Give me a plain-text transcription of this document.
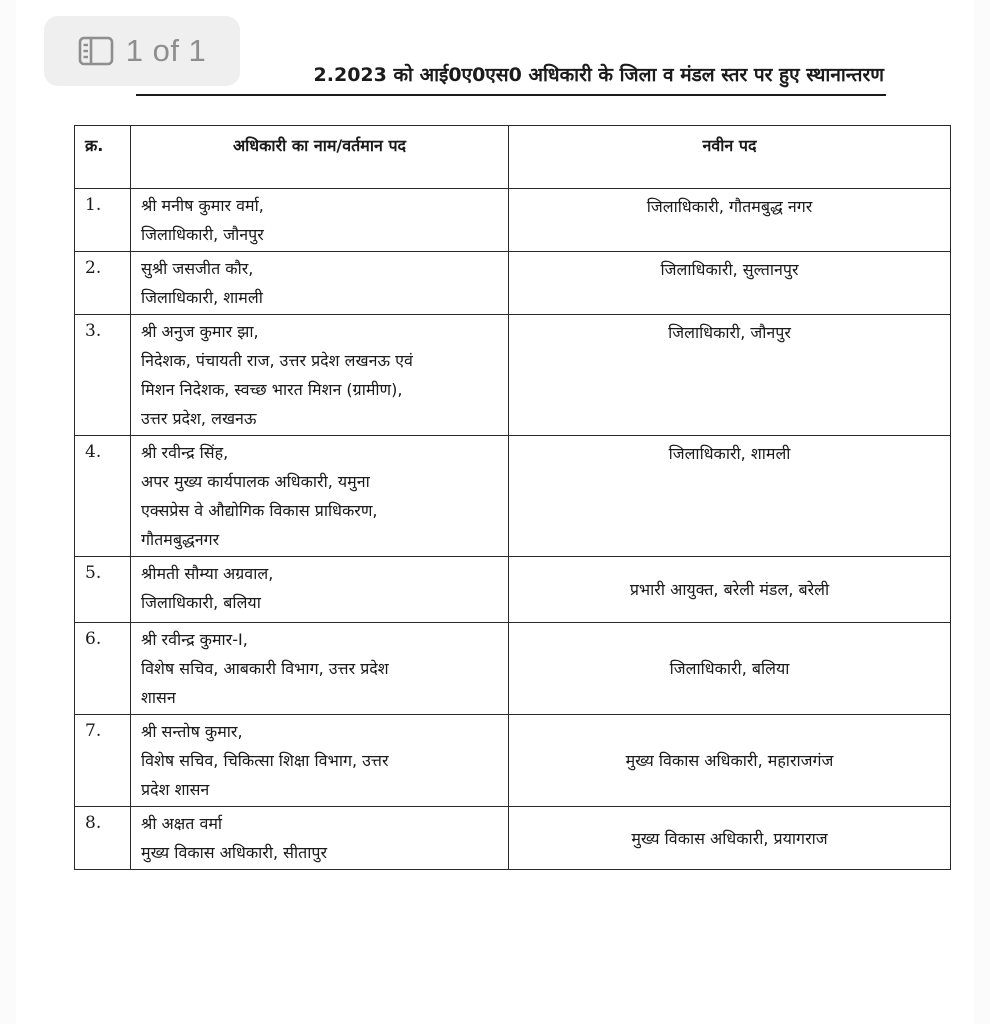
1 of 1
2.2023 को आई0ए0एस0 अधिकारी के जिला व मंडल स्तर पर हुए स्थानान्तरण
क्र.	अधिकारी का नाम/वर्तमान पद	नवीन पद
1.	श्री मनीष कुमार वर्मा,
जिलाधिकारी, जौनपुर	जिलाधिकारी, गौतमबुद्ध नगर
2.	सुश्री जसजीत कौर,
जिलाधिकारी, शामली	जिलाधिकारी, सुल्तानपुर
3.	श्री अनुज कुमार झा,
निदेशक, पंचायती राज, उत्तर प्रदेश लखनऊ एवं
मिशन निदेशक, स्वच्छ भारत मिशन (ग्रामीण),
उत्तर प्रदेश, लखनऊ	जिलाधिकारी, जौनपुर
4.	श्री रवीन्द्र सिंह,
अपर मुख्य कार्यपालक अधिकारी, यमुना
एक्सप्रेस वे औद्योगिक विकास प्राधिकरण,
गौतमबुद्धनगर	जिलाधिकारी, शामली
5.	श्रीमती सौम्या अग्रवाल,
जिलाधिकारी, बलिया	प्रभारी आयुक्त, बरेली मंडल, बरेली
6.	श्री रवीन्द्र कुमार-I,
विशेष सचिव, आबकारी विभाग, उत्तर प्रदेश
शासन	जिलाधिकारी, बलिया
7.	श्री सन्तोष कुमार,
विशेष सचिव, चिकित्सा शिक्षा विभाग, उत्तर
प्रदेश शासन	मुख्य विकास अधिकारी, महाराजगंज
8.	श्री अक्षत वर्मा
मुख्य विकास अधिकारी, सीतापुर	मुख्य विकास अधिकारी, प्रयागराज
